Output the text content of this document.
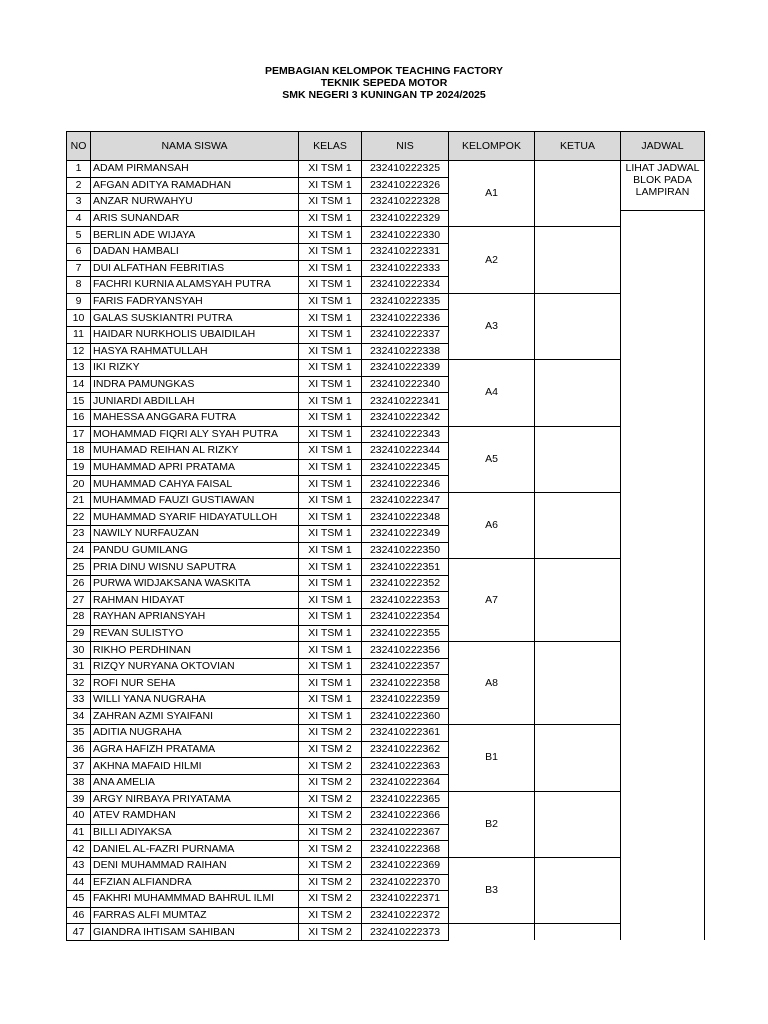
PEMBAGIAN KELOMPOK TEACHING FACTORY
TEKNIK SEPEDA MOTOR
SMK NEGERI 3 KUNINGAN TP 2024/2025
NO	NAMA SISWA	KELAS	NIS	KELOMPOK	KETUA	JADWAL
1	ADAM PIRMANSAH	XI TSM 1	232410222325	A1		LIHAT JADWAL BLOK PADA LAMPIRAN
2	AFGAN ADITYA RAMADHAN	XI TSM 1	232410222326			
3	ANZAR NURWAHYU	XI TSM 1	232410222328			
4	ARIS SUNANDAR	XI TSM 1	232410222329			
5	BERLIN ADE WIJAYA	XI TSM 1	232410222330	A2		
6	DADAN HAMBALI	XI TSM 1	232410222331			
7	DUI ALFATHAN FEBRITIAS	XI TSM 1	232410222333			
8	FACHRI KURNIA ALAMSYAH PUTRA	XI TSM 1	232410222334			
9	FARIS FADRYANSYAH	XI TSM 1	232410222335	A3		
10	GALAS SUSKIANTRI PUTRA	XI TSM 1	232410222336			
11	HAIDAR NURKHOLIS UBAIDILAH	XI TSM 1	232410222337			
12	HASYA RAHMATULLAH	XI TSM 1	232410222338			
13	IKI RIZKY	XI TSM 1	232410222339	A4		
14	INDRA PAMUNGKAS	XI TSM 1	232410222340			
15	JUNIARDI ABDILLAH	XI TSM 1	232410222341			
16	MAHESSA ANGGARA FUTRA	XI TSM 1	232410222342			
17	MOHAMMAD FIQRI ALY SYAH PUTRA	XI TSM 1	232410222343	A5		
18	MUHAMAD REIHAN AL RIZKY	XI TSM 1	232410222344			
19	MUHAMMAD APRI PRATAMA	XI TSM 1	232410222345			
20	MUHAMMAD CAHYA FAISAL	XI TSM 1	232410222346			
21	MUHAMMAD FAUZI GUSTIAWAN	XI TSM 1	232410222347	A6		
22	MUHAMMAD SYARIF HIDAYATULLOH	XI TSM 1	232410222348			
23	NAWILY NURFAUZAN	XI TSM 1	232410222349			
24	PANDU GUMILANG	XI TSM 1	232410222350			
25	PRIA DINU WISNU SAPUTRA	XI TSM 1	232410222351	A7		
26	PURWA WIDJAKSANA WASKITA	XI TSM 1	232410222352			
27	RAHMAN HIDAYAT	XI TSM 1	232410222353			
28	RAYHAN APRIANSYAH	XI TSM 1	232410222354			
29	REVAN SULISTYO	XI TSM 1	232410222355			
30	RIKHO PERDHINAN	XI TSM 1	232410222356	A8		
31	RIZQY NURYANA OKTOVIAN	XI TSM 1	232410222357			
32	ROFI NUR SEHA	XI TSM 1	232410222358			
33	WILLI YANA NUGRAHA	XI TSM 1	232410222359			
34	ZAHRAN AZMI SYAIFANI	XI TSM 1	232410222360			
35	ADITIA NUGRAHA	XI TSM 2	232410222361	B1		
36	AGRA HAFIZH PRATAMA	XI TSM 2	232410222362			
37	AKHNA MAFAID HILMI	XI TSM 2	232410222363			
38	ANA AMELIA	XI TSM 2	232410222364			
39	ARGY NIRBAYA PRIYATAMA	XI TSM 2	232410222365	B2		
40	ATEV RAMDHAN	XI TSM 2	232410222366			
41	BILLI ADIYAKSA	XI TSM 2	232410222367			
42	DANIEL AL-FAZRI PURNAMA	XI TSM 2	232410222368			
43	DENI MUHAMMAD RAIHAN	XI TSM 2	232410222369	B3		
44	EFZIAN ALFIANDRA	XI TSM 2	232410222370			
45	FAKHRI MUHAMMMAD BAHRUL ILMI	XI TSM 2	232410222371			
46	FARRAS ALFI MUMTAZ	XI TSM 2	232410222372			
47	GIANDRA IHTISAM SAHIBAN	XI TSM 2	232410222373			
